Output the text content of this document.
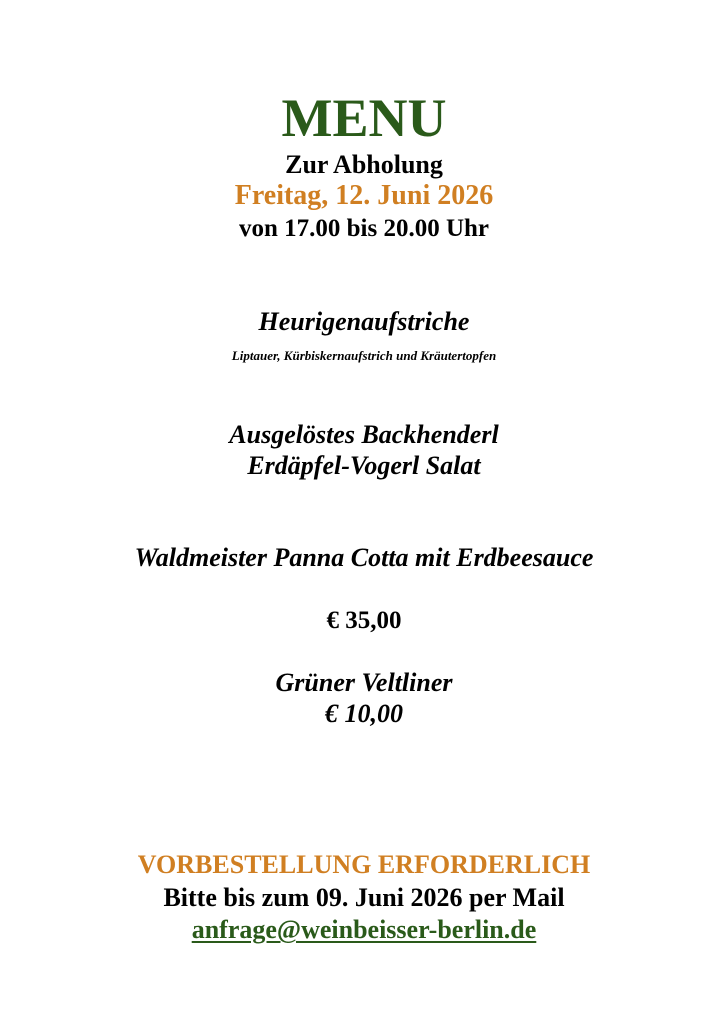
MENU
Zur Abholung
Freitag, 12. Juni 2026
von 17.00 bis 20.00 Uhr
Heurigenaufstriche
Liptauer, Kürbiskernaufstrich und Kräutertopfen
Ausgelöstes Backhenderl
Erdäpfel-Vogerl Salat
Waldmeister Panna Cotta mit Erdbeesauce
€ 35,00
Grüner Veltliner
€ 10,00
VORBESTELLUNG ERFORDERLICH
Bitte bis zum 09. Juni 2026 per Mail
anfrage@weinbeisser-berlin.de
